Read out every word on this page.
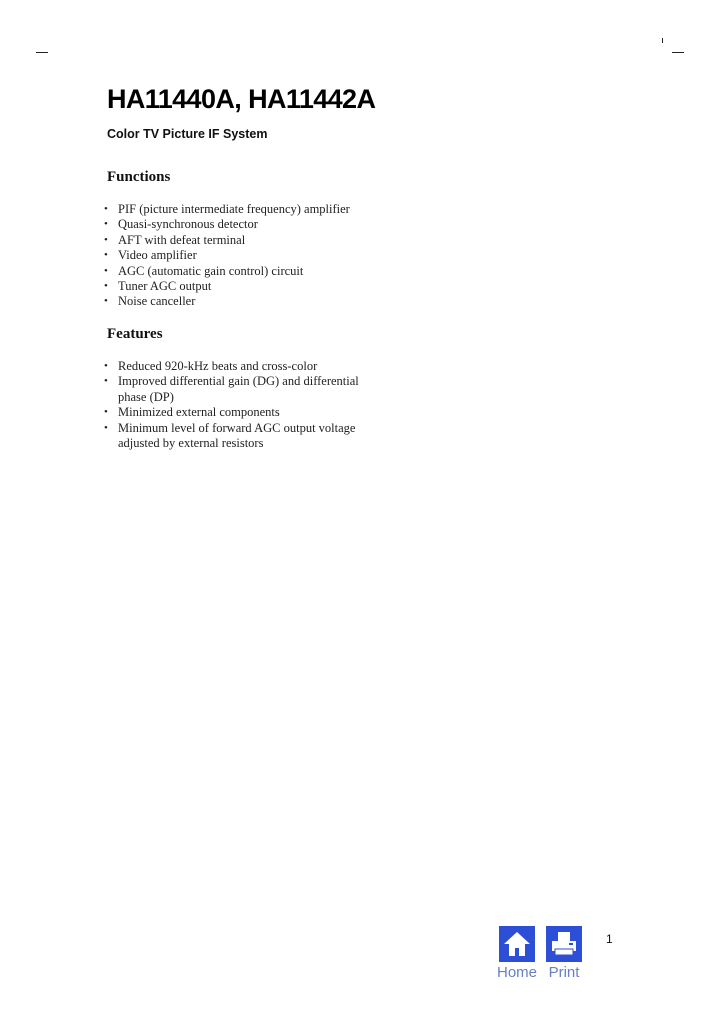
HA11440A, HA11442A
Color TV Picture IF System
Functions
• PIF (picture intermediate frequency) amplifier
• Quasi-synchronous detector
• AFT with defeat terminal
• Video amplifier
• AGC (automatic gain control) circuit
• Tuner AGC output
• Noise canceller
Features
• Reduced 920-kHz beats and cross-color
• Improved differential gain (DG) and differential phase (DP)
• Minimized external components
• Minimum level of forward AGC output voltage adjusted by external resistors
Home Print
1
